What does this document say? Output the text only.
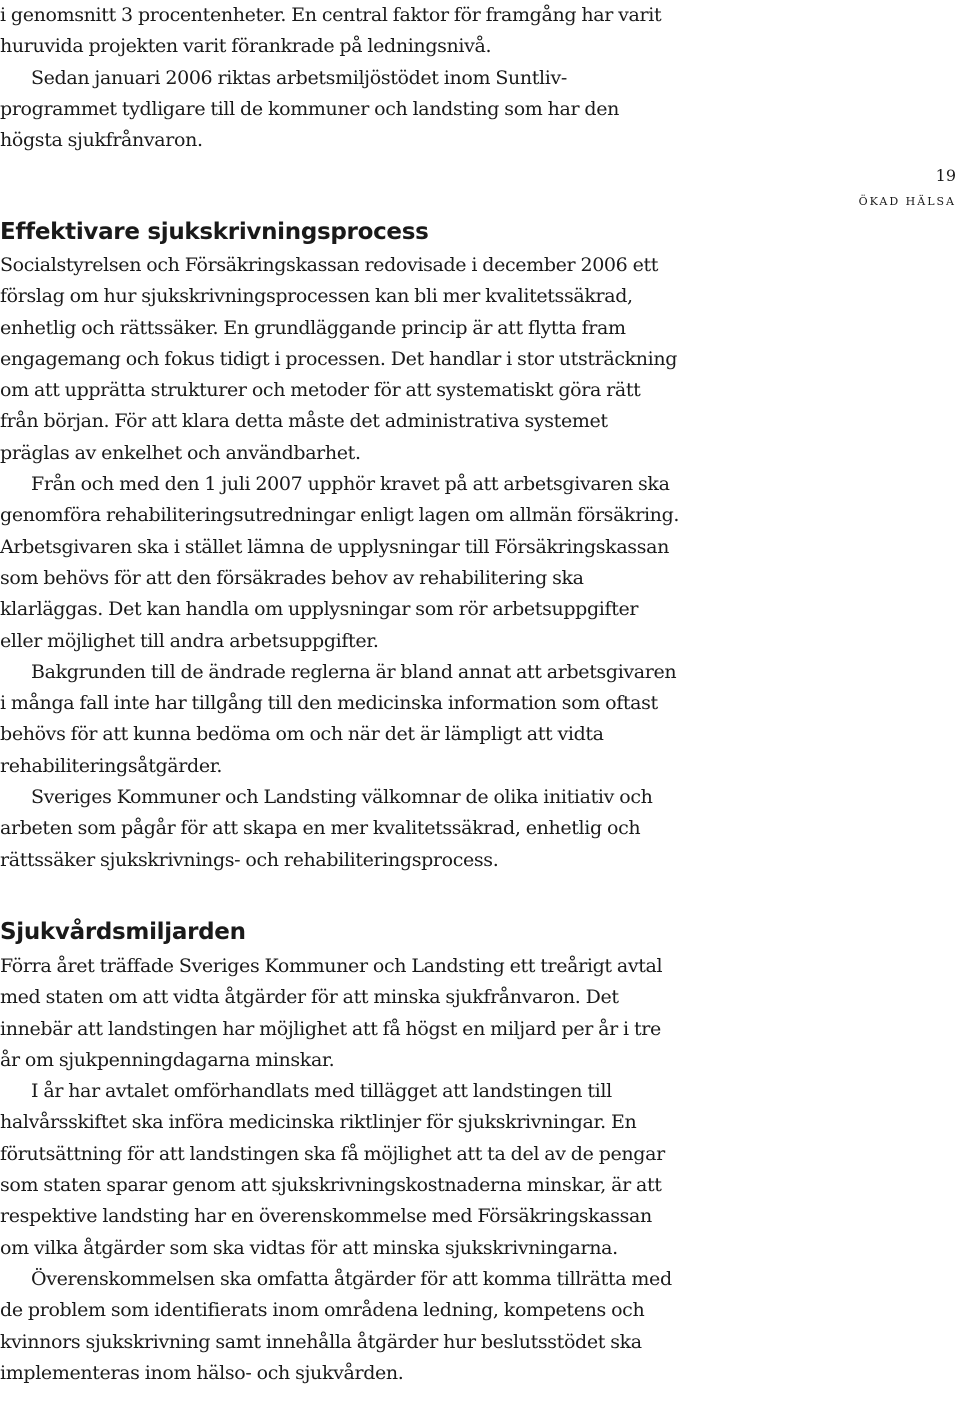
19
ÖKAD HÄLSA

i genomsnitt 3 procentenheter. En central faktor för framgång har varit huruvida projekten varit förankrade på ledningsnivå.

Sedan januari 2006 riktas arbetsmiljöstödet inom Suntliv-programmet tydligare till de kommuner och landsting som har den högsta sjukfrånvaron.

Effektivare sjukskrivningsprocess

Socialstyrelsen och Försäkringskassan redovisade i december 2006 ett förslag om hur sjukskrivningsprocessen kan bli mer kvalitetssäkrad, enhetlig och rättssäker. En grundläggande princip är att flytta fram engagemang och fokus tidigt i processen. Det handlar i stor utsträckning om att upprätta strukturer och metoder för att systematiskt göra rätt från början. För att klara detta måste det administrativa systemet präglas av enkelhet och användbarhet.

Från och med den 1 juli 2007 upphör kravet på att arbetsgivaren ska genomföra rehabiliteringsutredningar enligt lagen om allmän försäkring. Arbetsgivaren ska i stället lämna de upplysningar till Försäkringskassan som behövs för att den försäkrades behov av rehabilitering ska klarläggas. Det kan handla om upplysningar som rör arbetsuppgifter eller möjlighet till andra arbetsuppgifter.

Bakgrunden till de ändrade reglerna är bland annat att arbetsgivaren i många fall inte har tillgång till den medicinska information som oftast behövs för att kunna bedöma om och när det är lämpligt att vidta rehabiliteringsåtgärder.

Sveriges Kommuner och Landsting välkomnar de olika initiativ och arbeten som pågår för att skapa en mer kvalitetssäkrad, enhetlig och rättssäker sjukskrivnings- och rehabiliteringsprocess.

Sjukvårdsmiljarden

Förra året träffade Sveriges Kommuner och Landsting ett treårigt avtal med staten om att vidta åtgärder för att minska sjukfrånvaron. Det innebär att landstingen har möjlighet att få högst en miljard per år i tre år om sjukpenningdagarna minskar.

I år har avtalet omförhandlats med tillägget att landstingen till halvårsskiftet ska införa medicinska riktlinjer för sjukskrivningar. En förutsättning för att landstingen ska få möjlighet att ta del av de pengar som staten sparar genom att sjukskrivningskostnaderna minskar, är att respektive landsting har en överenskommelse med Försäkringskassan om vilka åtgärder som ska vidtas för att minska sjukskrivningarna.

Överenskommelsen ska omfatta åtgärder för att komma tillrätta med de problem som identifierats inom områdena ledning, kompetens och kvinnors sjukskrivning samt innehålla åtgärder hur beslutsstödet ska implementeras inom hälso- och sjukvården.
